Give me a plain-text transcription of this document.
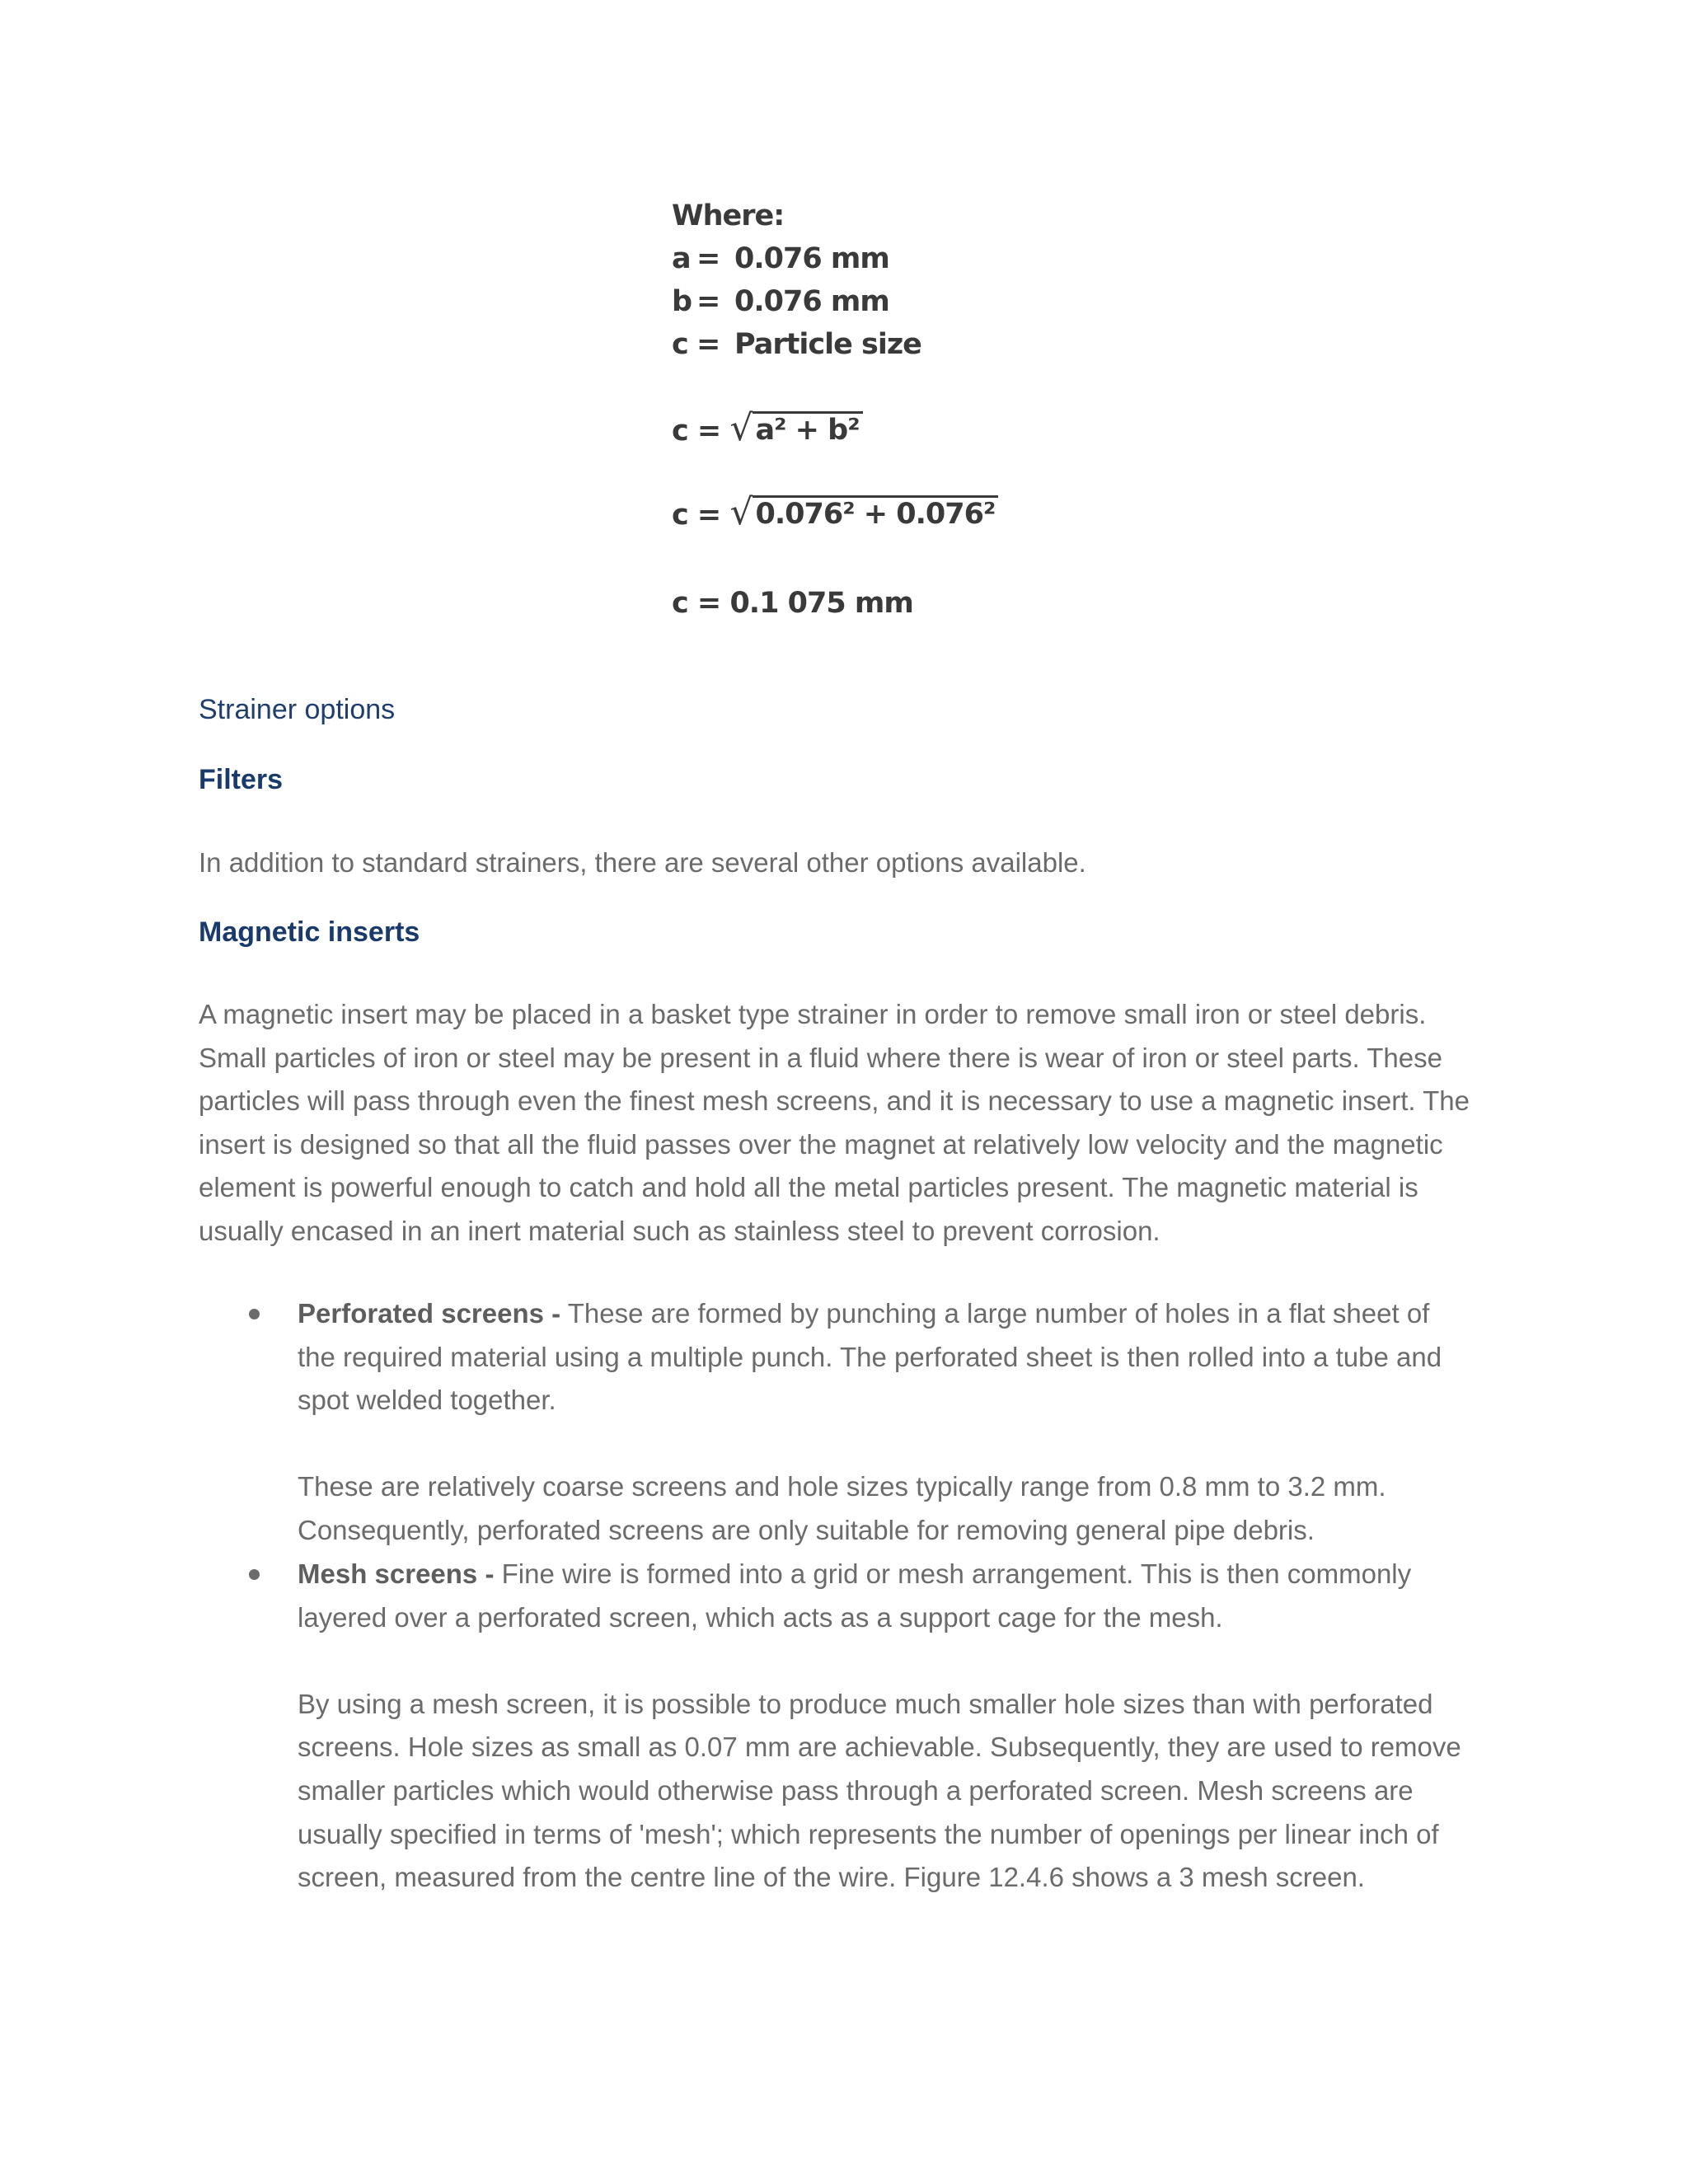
Where:
a = 0.076 mm
b = 0.076 mm
c = Particle size
c = √ a² + b²
c = √ 0.076² + 0.076²
c = 0.1 075 mm
Strainer options
Filters
In addition to standard strainers, there are several other options available.
Magnetic inserts
A magnetic insert may be placed in a basket type strainer in order to remove small iron or steel debris.
Small particles of iron or steel may be present in a fluid where there is wear of iron or steel parts. These
particles will pass through even the finest mesh screens, and it is necessary to use a magnetic insert. The
insert is designed so that all the fluid passes over the magnet at relatively low velocity and the magnetic
element is powerful enough to catch and hold all the metal particles present. The magnetic material is
usually encased in an inert material such as stainless steel to prevent corrosion.
Perforated screens - These are formed by punching a large number of holes in a flat sheet of
the required material using a multiple punch. The perforated sheet is then rolled into a tube and
spot welded together.
These are relatively coarse screens and hole sizes typically range from 0.8 mm to 3.2 mm.
Consequently, perforated screens are only suitable for removing general pipe debris.
Mesh screens - Fine wire is formed into a grid or mesh arrangement. This is then commonly
layered over a perforated screen, which acts as a support cage for the mesh.
By using a mesh screen, it is possible to produce much smaller hole sizes than with perforated
screens. Hole sizes as small as 0.07 mm are achievable. Subsequently, they are used to remove
smaller particles which would otherwise pass through a perforated screen. Mesh screens are
usually specified in terms of 'mesh'; which represents the number of openings per linear inch of
screen, measured from the centre line of the wire. Figure 12.4.6 shows a 3 mesh screen.
